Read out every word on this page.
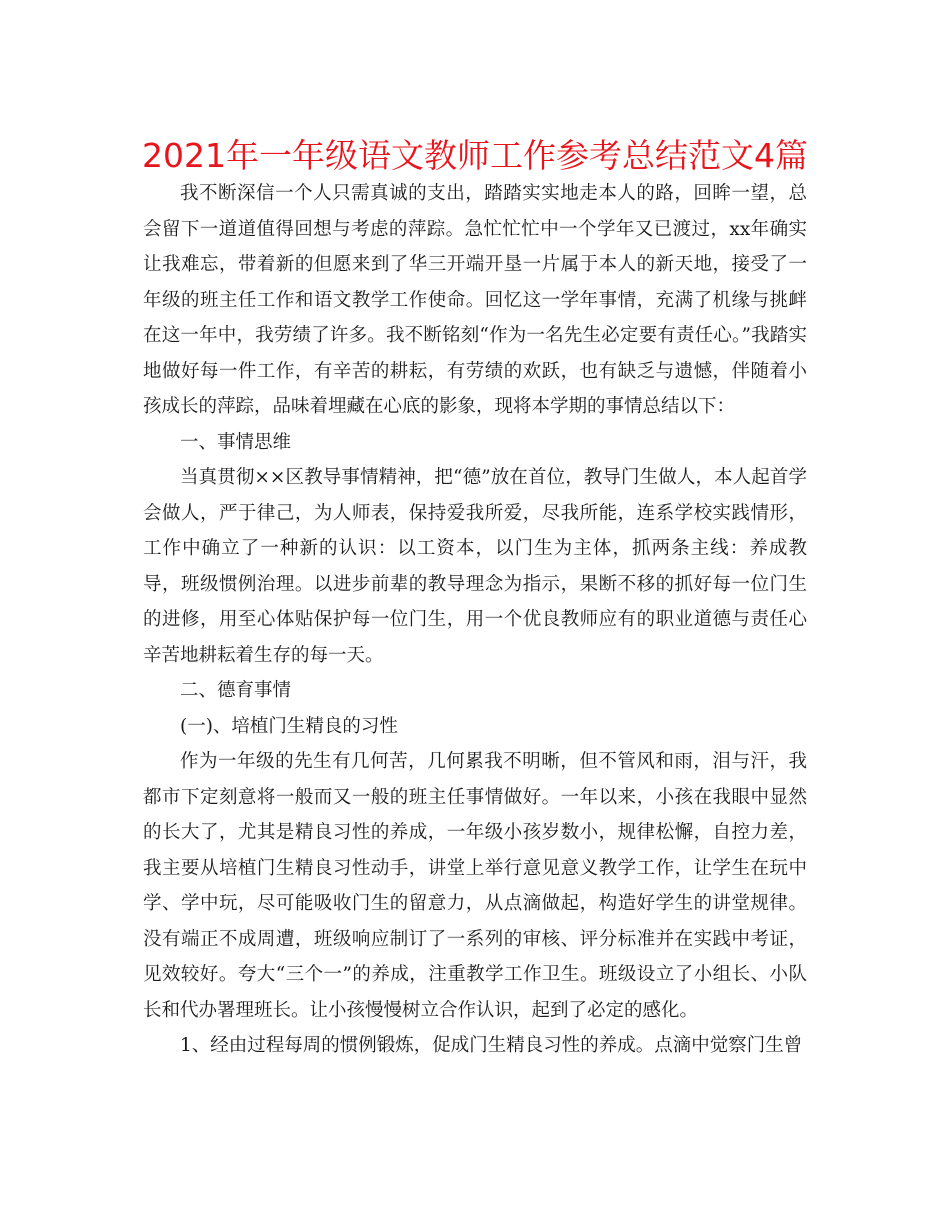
2021年一年级语文教师工作参考总结范文4篇

我不断深信一个人只需真诚的支出，踏踏实实地走本人的路，回眸一望，总会留下一道道值得回想与考虑的萍踪。急忙忙忙中一个学年又已渡过，xx年确实让我难忘，带着新的但愿来到了华三开端开垦一片属于本人的新天地，接受了一年级的班主任工作和语文教学工作使命。回忆这一学年事情，充满了机缘与挑衅在这一年中，我劳绩了许多。我不断铭刻“作为一名先生必定要有责任心。”我踏实地做好每一件工作，有辛苦的耕耘，有劳绩的欢跃，也有缺乏与遗憾，伴随着小孩成长的萍踪，品味着埋藏在心底的影象，现将本学期的事情总结以下：

一、事情思维

当真贯彻××区教导事情精神，把“德”放在首位，教导门生做人，本人起首学会做人，严于律己，为人师表，保持爱我所爱，尽我所能，连系学校实践情形，工作中确立了一种新的认识：以工资本，以门生为主体，抓两条主线：养成教导，班级惯例治理。以进步前辈的教导理念为指示，果断不移的抓好每一位门生的进修，用至心体贴保护每一位门生，用一个优良教师应有的职业道德与责任心辛苦地耕耘着生存的每一天。

二、德育事情

(一)、培植门生精良的习性

作为一年级的先生有几何苦，几何累我不明晰，但不管风和雨，泪与汗，我都市下定刻意将一般而又一般的班主任事情做好。一年以来，小孩在我眼中显然的长大了，尤其是精良习性的养成，一年级小孩岁数小，规律松懈，自控力差，我主要从培植门生精良习性动手，讲堂上举行意见意义教学工作，让学生在玩中学、学中玩，尽可能吸收门生的留意力，从点滴做起，构造好学生的讲堂规律。没有端正不成周遭，班级响应制订了一系列的审核、评分标准并在实践中考证，见效较好。夸大“三个一”的养成，注重教学工作卫生。班级设立了小组长、小队长和代办署理班长。让小孩慢慢树立合作认识，起到了必定的感化。

1、经由过程每周的惯例锻炼，促成门生精良习性的养成。点滴中觉察门生曾
